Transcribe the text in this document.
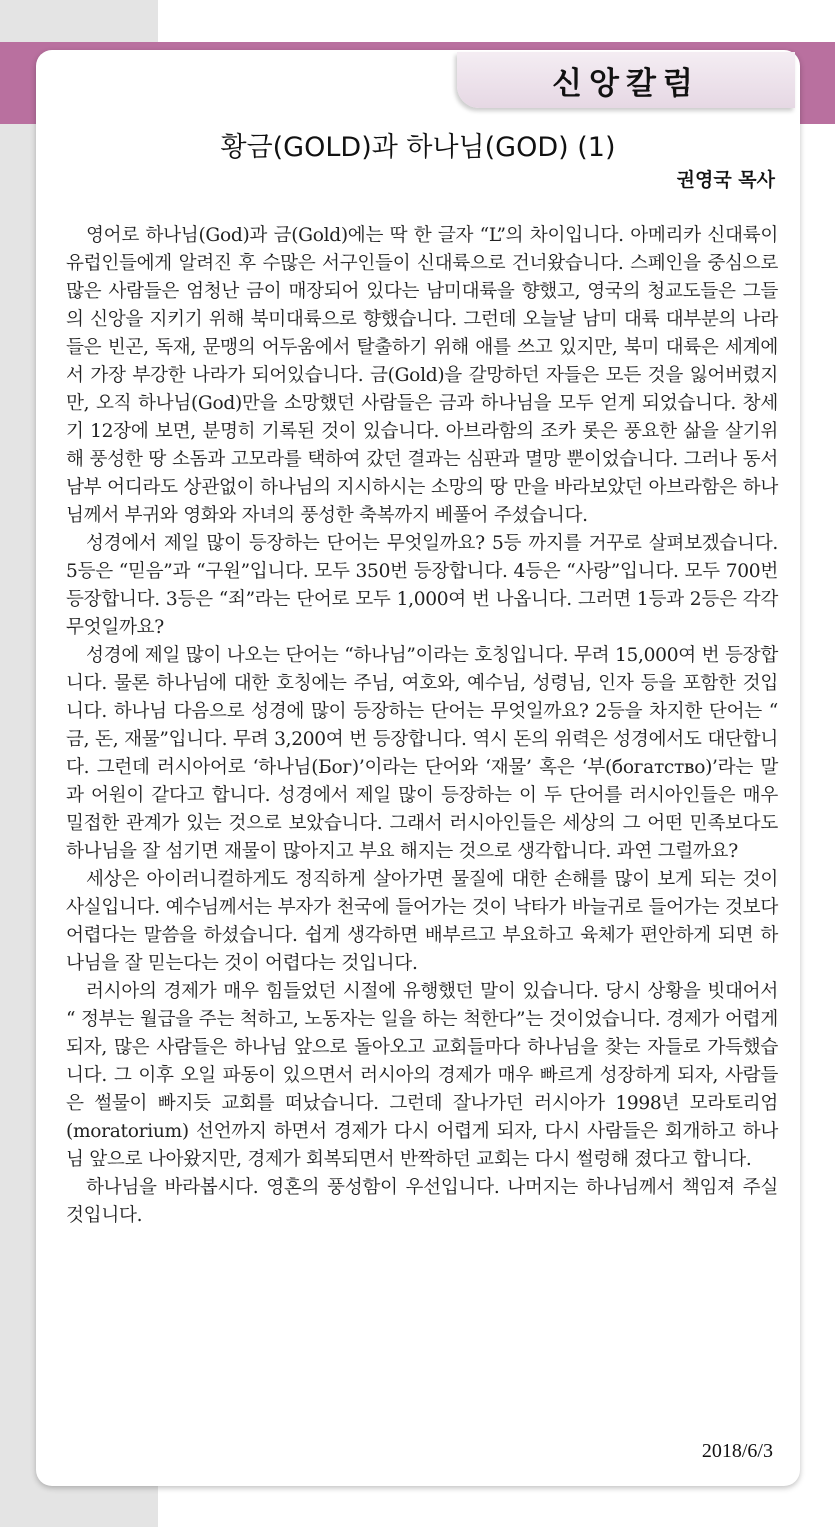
신앙칼럼
황금(GOLD)과 하나님(GOD) (1)
권영국 목사

영어로 하나님(God)과 금(Gold)에는 딱 한 글자 “L”의 차이입니다. 아메리카 신대륙이 유럽인들에게 알려진 후 수많은 서구인들이 신대륙으로 건너왔습니다. 스페인을 중심으로 많은 사람들은 엄청난 금이 매장되어 있다는 남미대륙을 향했고, 영국의 청교도들은 그들의 신앙을 지키기 위해 북미대륙으로 향했습니다. 그런데 오늘날 남미 대륙 대부분의 나라들은 빈곤, 독재, 문맹의 어두움에서 탈출하기 위해 애를 쓰고 있지만, 북미 대륙은 세계에서 가장 부강한 나라가 되어있습니다. 금(Gold)을 갈망하던 자들은 모든 것을 잃어버렸지만, 오직 하나님(God)만을 소망했던 사람들은 금과 하나님을 모두 얻게 되었습니다. 창세기 12장에 보면, 분명히 기록된 것이 있습니다. 아브라함의 조카 롯은 풍요한 삶을 살기위해 풍성한 땅 소돔과 고모라를 택하여 갔던 결과는 심판과 멸망 뿐이었습니다. 그러나 동서남부 어디라도 상관없이 하나님의 지시하시는 소망의 땅 만을 바라보았던 아브라함은 하나님께서 부귀와 영화와 자녀의 풍성한 축복까지 베풀어 주셨습니다.

성경에서 제일 많이 등장하는 단어는 무엇일까요? 5등 까지를 거꾸로 살펴보겠습니다. 5등은 “믿음”과 “구원”입니다. 모두 350번 등장합니다. 4등은 “사랑”입니다. 모두 700번 등장합니다. 3등은 “죄”라는 단어로 모두 1,000여 번 나옵니다. 그러면 1등과 2등은 각각 무엇일까요?

성경에 제일 많이 나오는 단어는 “하나님”이라는 호칭입니다. 무려 15,000여 번 등장합니다. 물론 하나님에 대한 호칭에는 주님, 여호와, 예수님, 성령님, 인자 등을 포함한 것입니다. 하나님 다음으로 성경에 많이 등장하는 단어는 무엇일까요? 2등을 차지한 단어는 “ 금, 돈, 재물”입니다. 무려 3,200여 번 등장합니다. 역시 돈의 위력은 성경에서도 대단합니다. 그런데 러시아어로 ‘하나님(Бог)’이라는 단어와 ‘재물’ 혹은 ‘부(богатство)’라는 말과 어원이 같다고 합니다. 성경에서 제일 많이 등장하는 이 두 단어를 러시아인들은 매우 밀접한 관계가 있는 것으로 보았습니다. 그래서 러시아인들은 세상의 그 어떤 민족보다도 하나님을 잘 섬기면 재물이 많아지고 부요 해지는 것으로 생각합니다. 과연 그럴까요?

세상은 아이러니컬하게도 정직하게 살아가면 물질에 대한 손해를 많이 보게 되는 것이 사실입니다. 예수님께서는 부자가 천국에 들어가는 것이 낙타가 바늘귀로 들어가는 것보다 어렵다는 말씀을 하셨습니다. 쉽게 생각하면 배부르고 부요하고 육체가 편안하게 되면 하나님을 잘 믿는다는 것이 어렵다는 것입니다.

러시아의 경제가 매우 힘들었던 시절에 유행했던 말이 있습니다. 당시 상황을 빗대어서 “ 정부는 월급을 주는 척하고, 노동자는 일을 하는 척한다”는 것이었습니다. 경제가 어렵게 되자, 많은 사람들은 하나님 앞으로 돌아오고 교회들마다 하나님을 찾는 자들로 가득했습니다. 그 이후 오일 파동이 있으면서 러시아의 경제가 매우 빠르게 성장하게 되자, 사람들은 썰물이 빠지듯 교회를 떠났습니다. 그런데 잘나가던 러시아가 1998년 모라토리엄(moratorium) 선언까지 하면서 경제가 다시 어렵게 되자, 다시 사람들은 회개하고 하나님 앞으로 나아왔지만, 경제가 회복되면서 반짝하던 교회는 다시 썰렁해 졌다고 합니다.

하나님을 바라봅시다. 영혼의 풍성함이 우선입니다. 나머지는 하나님께서 책임져 주실 것입니다.

2018/6/3
